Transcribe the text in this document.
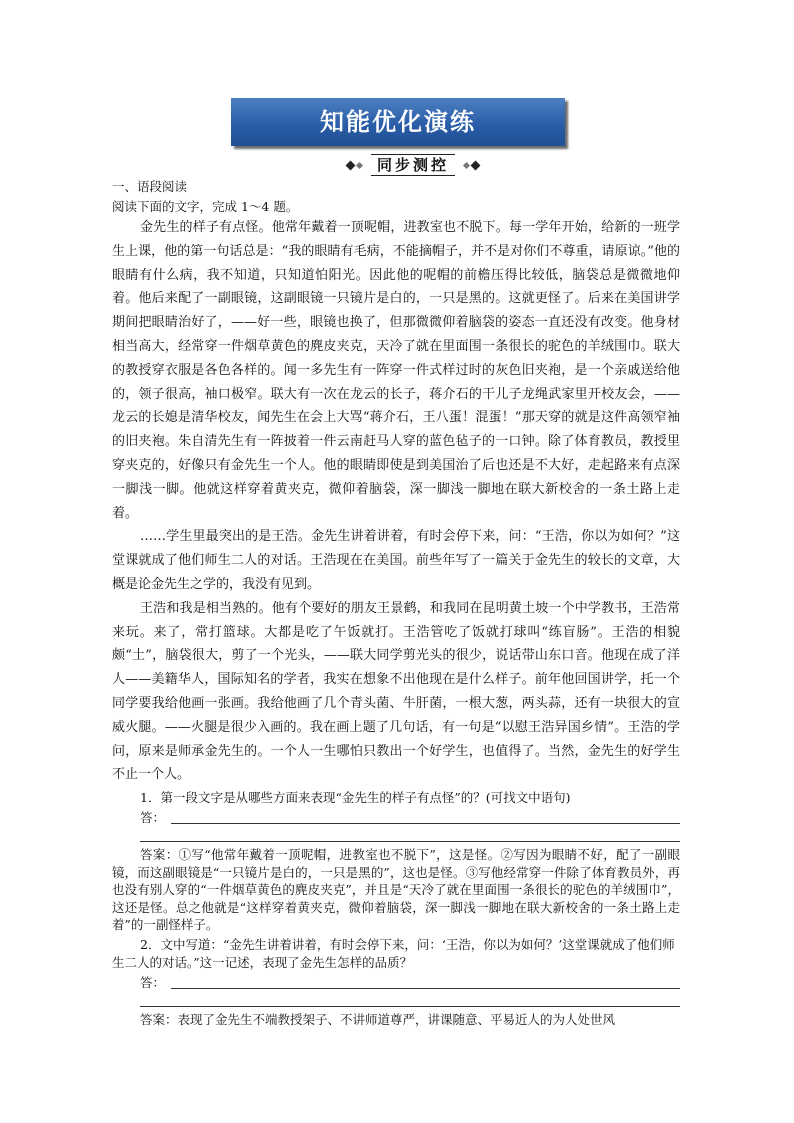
知能优化演练
同步测控

一、语段阅读

阅读下面的文字，完成 1～4 题。

金先生的样子有点怪。他常年戴着一顶呢帽，进教室也不脱下。每一学年开始，给新的一班学生上课，他的第一句话总是：“我的眼睛有毛病，不能摘帽子，并不是对你们不尊重，请原谅。”他的眼睛有什么病，我不知道，只知道怕阳光。因此他的呢帽的前檐压得比较低，脑袋总是微微地仰着。他后来配了一副眼镜，这副眼镜一只镜片是白的，一只是黑的。这就更怪了。后来在美国讲学期间把眼睛治好了，——好一些，眼镜也换了，但那微微仰着脑袋的姿态一直还没有改变。他身材相当高大，经常穿一件烟草黄色的麂皮夹克，天冷了就在里面围一条很长的驼色的羊绒围巾。联大的教授穿衣服是各色各样的。闻一多先生有一阵穿一件式样过时的灰色旧夹袍，是一个亲戚送给他的，领子很高，袖口极窄。联大有一次在龙云的长子，蒋介石的干儿子龙绳武家里开校友会，——龙云的长媳是清华校友，闻先生在会上大骂“蒋介石，王八蛋！混蛋！”那天穿的就是这件高领窄袖的旧夹袍。朱自清先生有一阵披着一件云南赶马人穿的蓝色毡子的一口钟。除了体育教员，教授里穿夹克的，好像只有金先生一个人。他的眼睛即使是到美国治了后也还是不大好，走起路来有点深一脚浅一脚。他就这样穿着黄夹克，微仰着脑袋，深一脚浅一脚地在联大新校舍的一条土路上走着。

……学生里最突出的是王浩。金先生讲着讲着，有时会停下来，问：“王浩，你以为如何？”这堂课就成了他们师生二人的对话。王浩现在在美国。前些年写了一篇关于金先生的较长的文章，大概是论金先生之学的，我没有见到。

王浩和我是相当熟的。他有个要好的朋友王景鹤，和我同在昆明黄土坡一个中学教书，王浩常来玩。来了，常打篮球。大都是吃了午饭就打。王浩管吃了饭就打球叫“练盲肠”。王浩的相貌颇“土”，脑袋很大，剪了一个光头，——联大同学剪光头的很少，说话带山东口音。他现在成了洋人——美籍华人，国际知名的学者，我实在想象不出他现在是什么样子。前年他回国讲学，托一个同学要我给他画一张画。我给他画了几个青头菌、牛肝菌，一根大葱，两头蒜，还有一块很大的宣威火腿。——火腿是很少入画的。我在画上题了几句话，有一句是“以慰王浩异国乡情”。王浩的学问，原来是师承金先生的。一个人一生哪怕只教出一个好学生，也值得了。当然，金先生的好学生不止一个人。

1．第一段文字是从哪些方面来表现“金先生的样子有点怪”的？(可找文中语句)

答：

答案：①写“他常年戴着一顶呢帽，进教室也不脱下”，这是怪。②写因为眼睛不好，配了一副眼镜，而这副眼镜是“一只镜片是白的，一只是黑的”，这也是怪。③写他经常穿一件除了体育教员外，再也没有别人穿的“一件烟草黄色的麂皮夹克”，并且是“天冷了就在里面围一条很长的驼色的羊绒围巾”，这还是怪。总之他就是“这样穿着黄夹克，微仰着脑袋，深一脚浅一脚地在联大新校舍的一条土路上走着”的一副怪样子。

2．文中写道：“金先生讲着讲着，有时会停下来，问：‘王浩，你以为如何？’这堂课就成了他们师生二人的对话。”这一记述，表现了金先生怎样的品质？

答：

答案：表现了金先生不端教授架子、不讲师道尊严，讲课随意、平易近人的为人处世风
